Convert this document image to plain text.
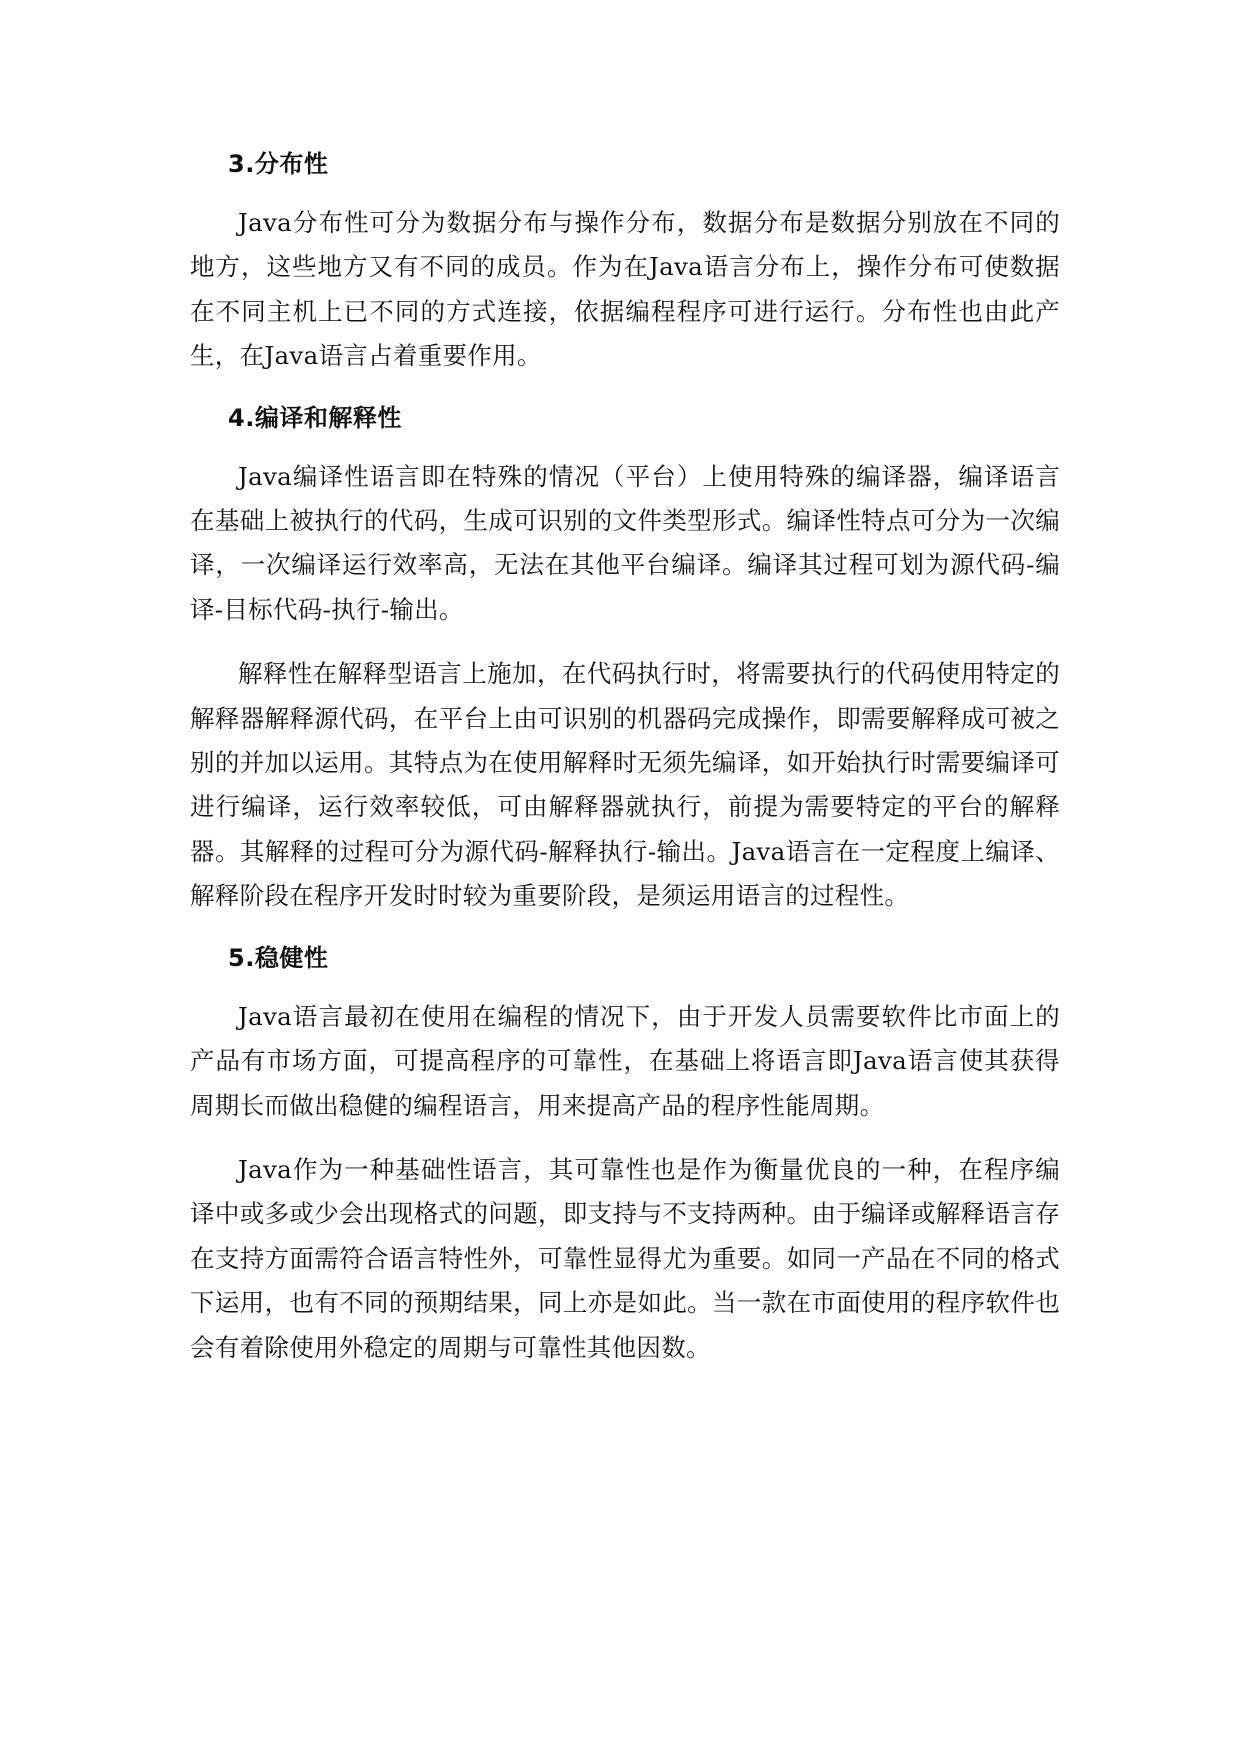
3.分布性

Java分布性可分为数据分布与操作分布，数据分布是数据分别放在不同的地方，这些地方又有不同的成员。作为在Java语言分布上，操作分布可使数据在不同主机上已不同的方式连接，依据编程程序可进行运行。分布性也由此产生，在Java语言占着重要作用。

4.编译和解释性

Java编译性语言即在特殊的情况（平台）上使用特殊的编译器，编译语言在基础上被执行的代码，生成可识别的文件类型形式。编译性特点可分为一次编译，一次编译运行效率高，无法在其他平台编译。编译其过程可划为源代码-编译-目标代码-执行-输出。

解释性在解释型语言上施加，在代码执行时，将需要执行的代码使用特定的解释器解释源代码，在平台上由可识别的机器码完成操作，即需要解释成可被之别的并加以运用。其特点为在使用解释时无须先编译，如开始执行时需要编译可进行编译，运行效率较低，可由解释器就执行，前提为需要特定的平台的解释器。其解释的过程可分为源代码-解释执行-输出。Java语言在一定程度上编译、解释阶段在程序开发时时较为重要阶段，是须运用语言的过程性。

5.稳健性

Java语言最初在使用在编程的情况下，由于开发人员需要软件比市面上的产品有市场方面，可提高程序的可靠性，在基础上将语言即Java语言使其获得周期长而做出稳健的编程语言，用来提高产品的程序性能周期。

Java作为一种基础性语言，其可靠性也是作为衡量优良的一种，在程序编译中或多或少会出现格式的问题，即支持与不支持两种。由于编译或解释语言存在支持方面需符合语言特性外，可靠性显得尤为重要。如同一产品在不同的格式下运用，也有不同的预期结果，同上亦是如此。当一款在市面使用的程序软件也会有着除使用外稳定的周期与可靠性其他因数。
